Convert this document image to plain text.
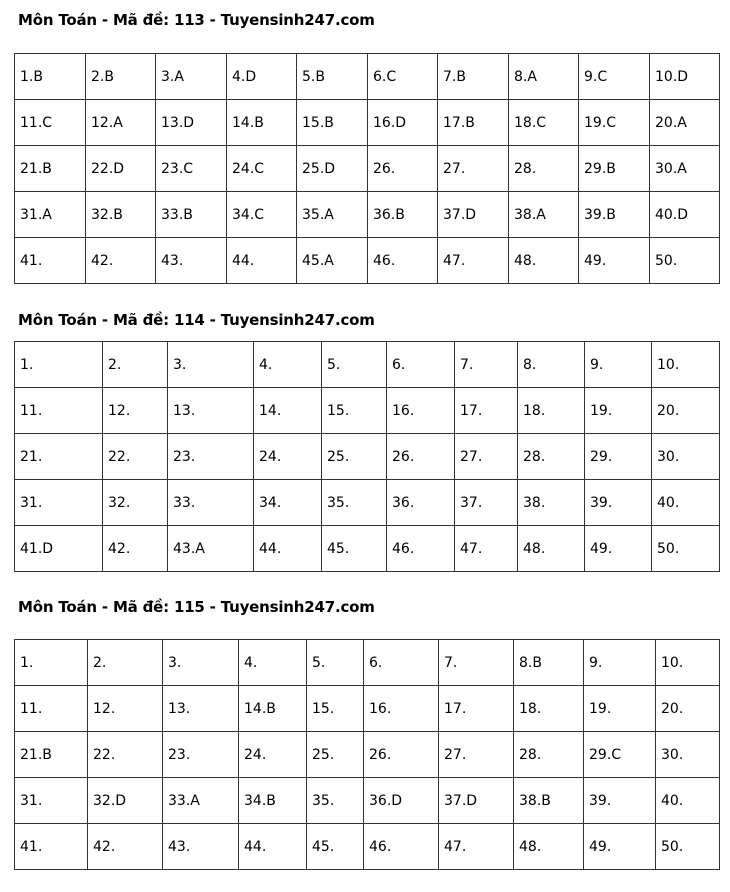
Môn Toán - Mã đề: 113 - Tuyensinh247.com
1.B	2.B	3.A	4.D	5.B	6.C	7.B	8.A	9.C	10.D
11.C	12.A	13.D	14.B	15.B	16.D	17.B	18.C	19.C	20.A
21.B	22.D	23.C	24.C	25.D	26.	27.	28.	29.B	30.A
31.A	32.B	33.B	34.C	35.A	36.B	37.D	38.A	39.B	40.D
41.	42.	43.	44.	45.A	46.	47.	48.	49.	50.
Môn Toán - Mã đề: 114 - Tuyensinh247.com
1.	2.	3.	4.	5.	6.	7.	8.	9.	10.
11.	12.	13.	14.	15.	16.	17.	18.	19.	20.
21.	22.	23.	24.	25.	26.	27.	28.	29.	30.
31.	32.	33.	34.	35.	36.	37.	38.	39.	40.
41.D	42.	43.A	44.	45.	46.	47.	48.	49.	50.
Môn Toán - Mã đề: 115 - Tuyensinh247.com
1.	2.	3.	4.	5.	6.	7.	8.B	9.	10.
11.	12.	13.	14.B	15.	16.	17.	18.	19.	20.
21.B	22.	23.	24.	25.	26.	27.	28.	29.C	30.
31.	32.D	33.A	34.B	35.	36.D	37.D	38.B	39.	40.
41.	42.	43.	44.	45.	46.	47.	48.	49.	50.
